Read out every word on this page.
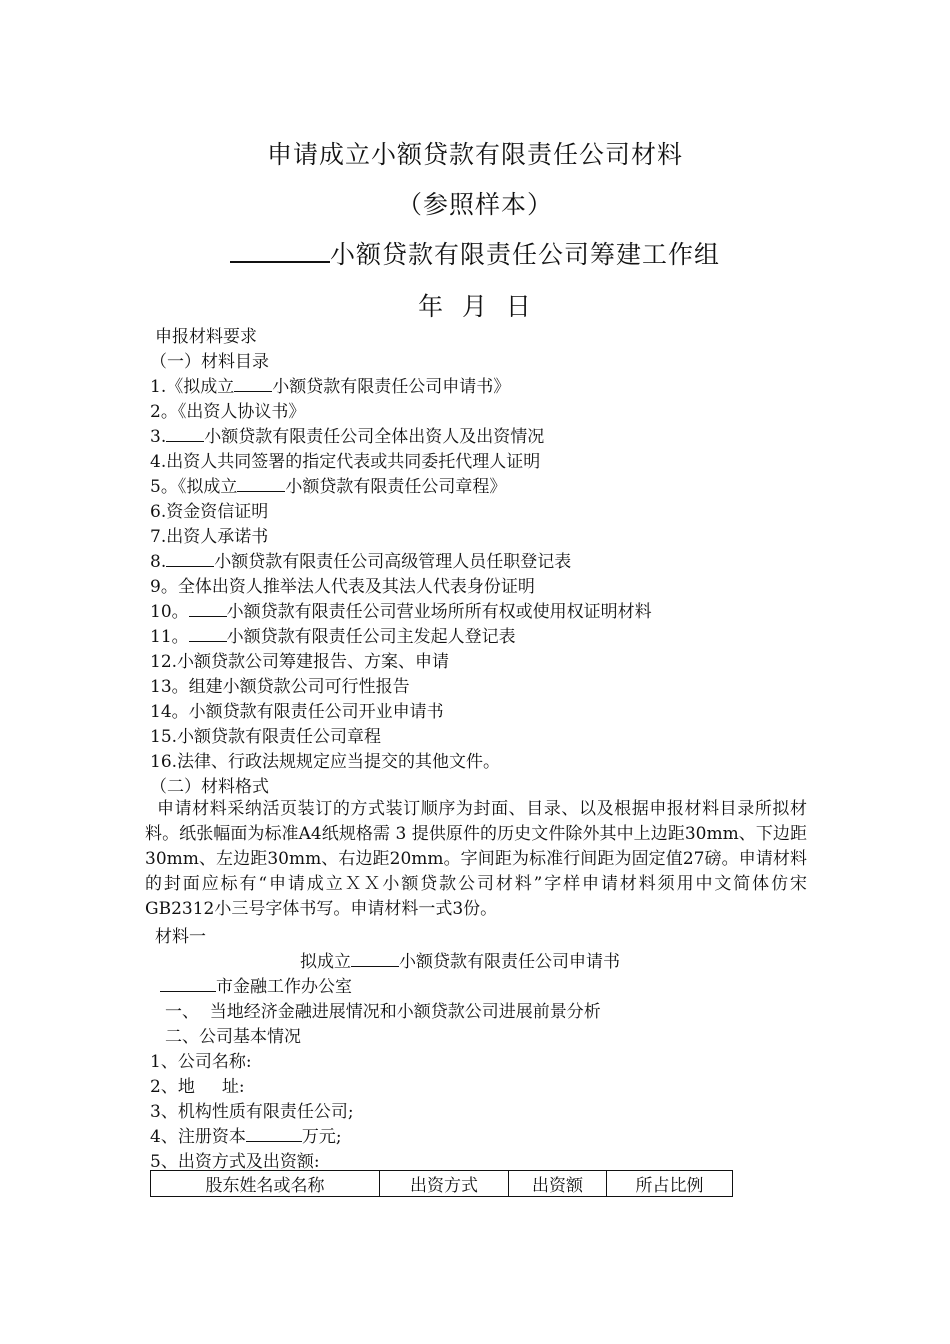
申请成立小额贷款有限责任公司材料
（参照样本）
小额贷款有限责任公司筹建工作组
年  月  日
申报材料要求
（一）材料目录
1.《拟成立 小额贷款有限责任公司申请书》
2。《出资人协议书》
3. 小额贷款有限责任公司全体出资人及出资情况
4.出资人共同签署的指定代表或共同委托代理人证明
5。《拟成立	小额贷款有限责任公司章程》
6.资金资信证明
7.出资人承诺书
8.	小额贷款有限责任公司高级管理人员任职登记表
9。全体出资人推举法人代表及其法人代表身份证明
10。 小额贷款有限责任公司营业场所所有权或使用权证明材料
11。 小额贷款有限责任公司主发起人登记表
12.小额贷款公司筹建报告、方案、申请
13。组建小额贷款公司可行性报告
14。小额贷款有限责任公司开业申请书
15.小额贷款有限责任公司章程
16.法律、行政法规规定应当提交的其他文件。
（二）材料格式
申请材料采纳活页装订的方式装订顺序为封面、目录、以及根据申报材料目录所拟材料。纸张幅面为标准A4纸规格需 3 提供原件的历史文件除外其中上边距30mm、下边距30mm、左边距30mm、右边距20mm。字间距为标准行间距为固定值27磅。申请材料的封面应标有“申请成立ＸＸ小额贷款公司材料”字样申请材料须用中文简体仿宋GB2312小三号字体书写。申请材料一式3份。
材料一
拟成立	小额贷款有限责任公司申请书
市金融工作办公室
一、  当地经济金融进展情况和小额贷款公司进展前景分析
二、公司基本情况
1、公司名称:
2、地     址:
3、机构性质有限责任公司;
4、注册资本	万元;
5、出资方式及出资额:
股东姓名或名称	出资方式	出资额	所占比例
